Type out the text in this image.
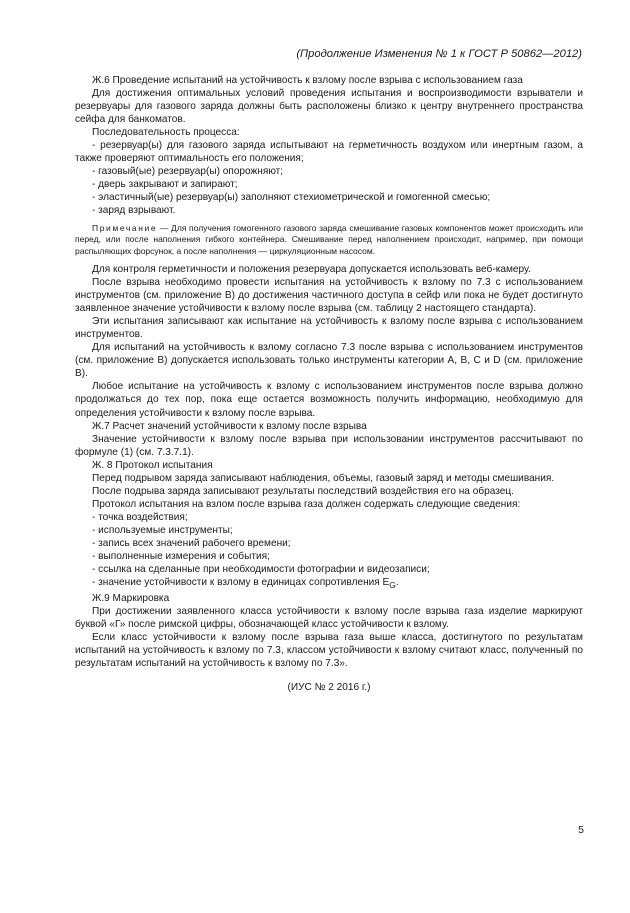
(Продолжение Изменения № 1 к ГОСТ Р 50862—2012)

Ж.6 Проведение испытаний на устойчивость к взлому после взрыва с использованием газа

Для достижения оптимальных условий проведения испытания и воспроизводимости взрыватели и резервуары для газового заряда должны быть расположены близко к центру внутреннего пространства сейфа для банкоматов.

Последовательность процесса:

- резервуар(ы) для газового заряда испытывают на герметичность воздухом или инертным газом, а также проверяют оптимальность его положения;

- газовый(ые) резервуар(ы) опорожняют;

- дверь закрывают и запирают;

- эластичный(ые) резервуар(ы) заполняют стехиометрической и гомогенной смесью;

- заряд взрывают.

Примечание — Для получения гомогенного газового заряда смешивание газовых компонентов может происходить или перед, или после наполнения гибкого контейнера. Смешивание перед наполнением происходит, например, при помощи распыляющих форсунок, а после наполнения — циркуляционным насосом.

Для контроля герметичности и положения резервуара допускается использовать веб-камеру.

После взрыва необходимо провести испытания на устойчивость к взлому по 7.3 с использованием инструментов (см. приложение В) до достижения частичного доступа в сейф или пока не будет достигнуто заявленное значение устойчивости к взлому после взрыва (см. таблицу 2 настоящего стандарта).

Эти испытания записывают как испытание на устойчивость к взлому после взрыва с использованием инструментов.

Для испытаний на устойчивость к взлому согласно 7.3 после взрыва с использованием инструментов (см. приложение В) допускается использовать только инструменты категории A, B, C и D (см. приложение В).

Любое испытание на устойчивость к взлому с использованием инструментов после взрыва должно продолжаться до тех пор, пока еще остается возможность получить информацию, необходимую для определения устойчивости к взлому после взрыва.

Ж.7 Расчет значений устойчивости к взлому после взрыва

Значение устойчивости к взлому после взрыва при использовании инструментов рассчитывают по формуле (1) (см. 7.3.7.1).

Ж. 8 Протокол испытания

Перед подрывом заряда записывают наблюдения, объемы, газовый заряд и методы смешивания.

После подрыва заряда записывают результаты последствий воздействия его на образец.

Протокол испытания на взлом после взрыва газа должен содержать следующие сведения:

- точка воздействия;

- используемые инструменты;

- запись всех значений рабочего времени;

- выполненные измерения и события;

- ссылка на сделанные при необходимости фотографии и видеозаписи;

- значение устойчивости к взлому в единицах сопротивления $E_G$.

Ж.9 Маркировка

При достижении заявленного класса устойчивости к взлому после взрыва газа изделие маркируют буквой «Г» после римской цифры, обозначающей класс устойчивости к взлому.

Если класс устойчивости к взлому после взрыва газа выше класса, достигнутого по результатам испытаний на устойчивость к взлому по 7.3, классом устойчивости к взлому считают класс, полученный по результатам испытаний на устойчивость к взлому по 7.3».

(ИУС № 2 2016 г.)

5
